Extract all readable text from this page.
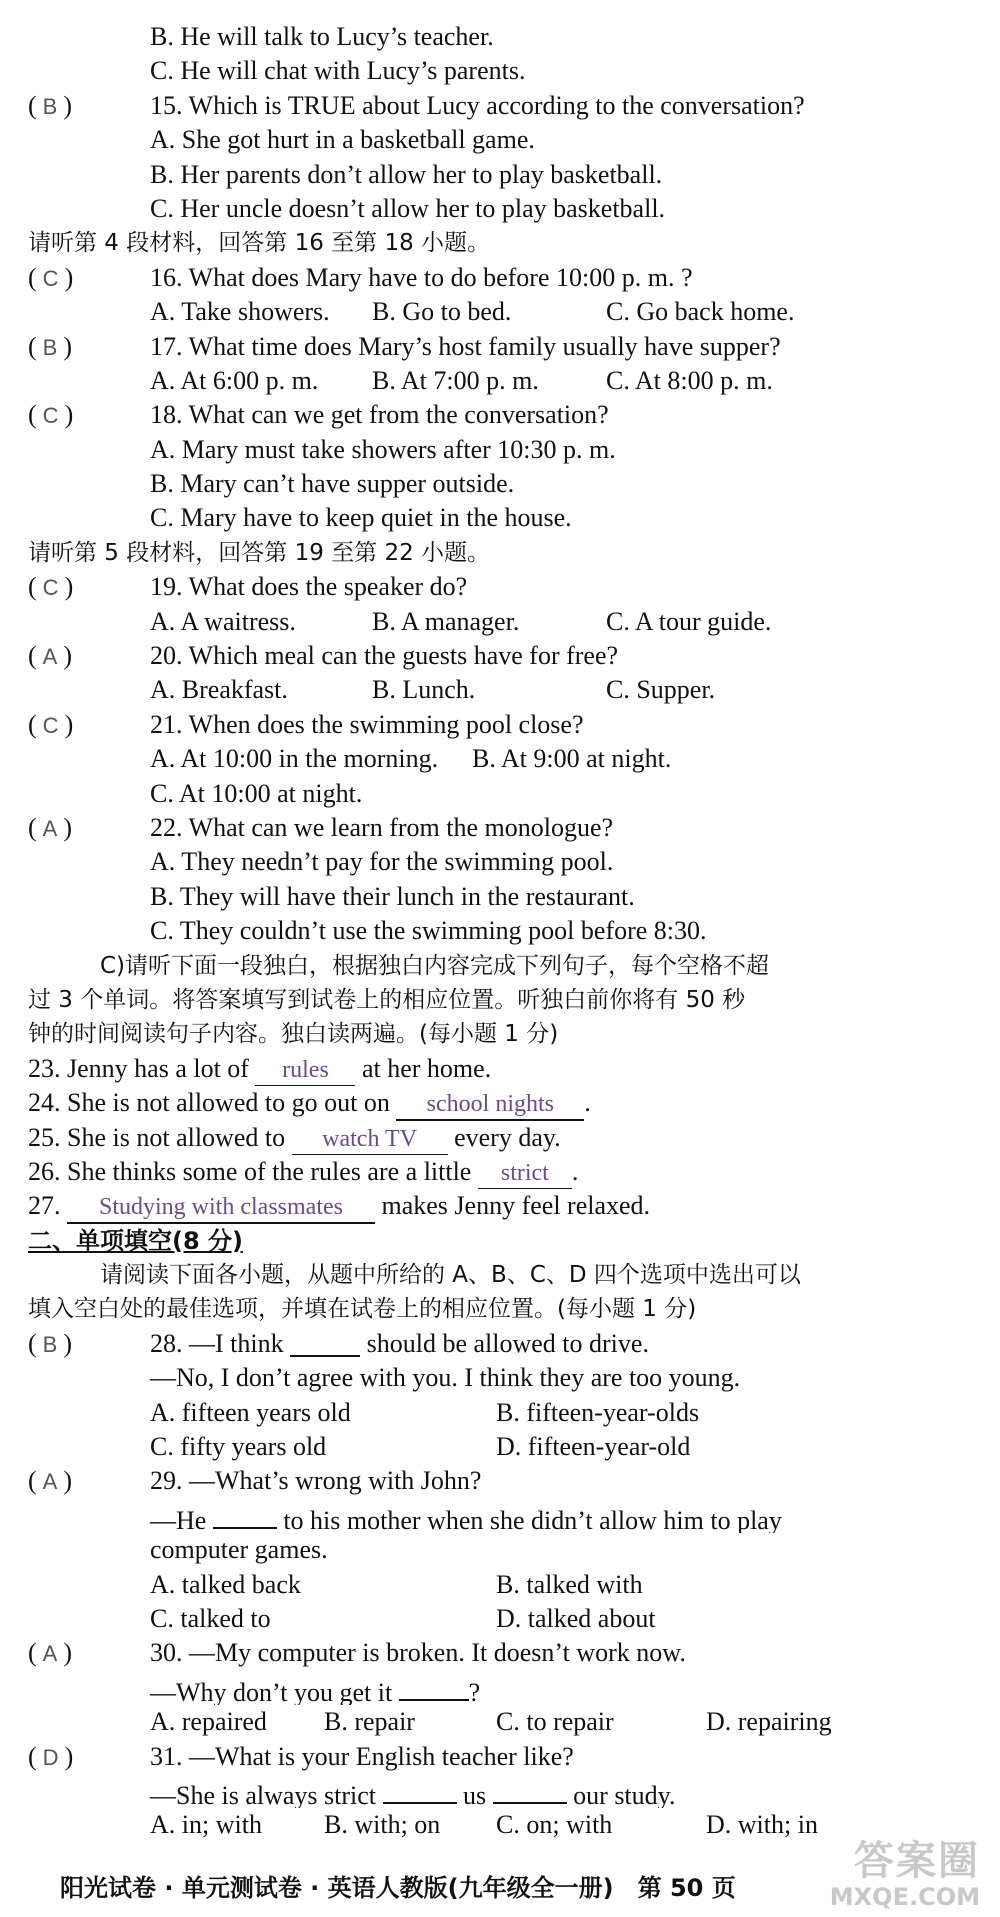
B. He will talk to Lucy’s teacher.
C. He will chat with Lucy’s parents.
( B )	15. Which is TRUE about Lucy according to the conversation?
A. She got hurt in a basketball game.
B. Her parents don’t allow her to play basketball.
C. Her uncle doesn’t allow her to play basketball.
请听第 4 段材料，回答第 16 至第 18 小题。
( C )	16. What does Mary have to do before 10:00 p. m. ?
A. Take showers. B. Go to bed.	C. Go back home.
( B )	17. What time does Mary’s host family usually have supper?
A. At 6:00 p. m. B. At 7:00 p. m.	C. At 8:00 p. m.
( C )	18. What can we get from the conversation?
A. Mary must take showers after 10:30 p. m.
B. Mary can’t have supper outside.
C. Mary have to keep quiet in the house.
请听第 5 段材料，回答第 19 至第 22 小题。
( C )	19. What does the speaker do?
A. A waitress.	B. A manager.	C. A tour guide.
( A )	20. Which meal can the guests have for free?
A. Breakfast.	B. Lunch.	C. Supper.
( C )	21. When does the swimming pool close?
A. At 10:00 in the morning. B. At 9:00 at night.
C. At 10:00 at night.
( A )	22. What can we learn from the monologue?
A. They needn’t pay for the swimming pool.
B. They will have their lunch in the restaurant.
C. They couldn’t use the swimming pool before 8:30.
C)请听下面一段独白，根据独白内容完成下列句子，每个空格不超
过 3 个单词。将答案填写到试卷上的相应位置。听独白前你将有 50 秒
钟的时间阅读句子内容。独白读两遍。(每小题 1 分)
23. Jenny has a lot of rules at her home.
24. She is not allowed to go out on school nights .
25. She is not allowed to watch TV every day.
26. She thinks some of the rules are a little strict .
27. Studying with classmates makes Jenny feel relaxed.
二、单项填空(8 分)
请阅读下面各小题，从题中所给的 A、B、C、D 四个选项中选出可以
填入空白处的最佳选项，并填在试卷上的相应位置。(每小题 1 分)
( B )	28. —I think

	should be allowed to drive.
—No, I don’t agree with you. I think they are too young.
A. fifteen years old	B. fifteen-year-olds
C. fifty years old	D. fifteen-year-old
( A )	29. —What’s wrong with John?
—He	to his mother when she didn’t allow him to play
computer games.
A. talked back	B. talked with
C. talked to	D. talked about
( A )	30. —My computer is broken. It doesn’t work now.
—Why don’t you get it	?
A. repaired B. repair	C. to repair	D. repairing
( D )	31. —What is your English teacher like?
—She is always strict	us	our study.
A. in; with B. with; on C. on; with	D. with; in
阳光试卷 · 单元测试卷 · 英语人教版(九年级全一册)　第 50 页
答案圈
MXQE.COM
